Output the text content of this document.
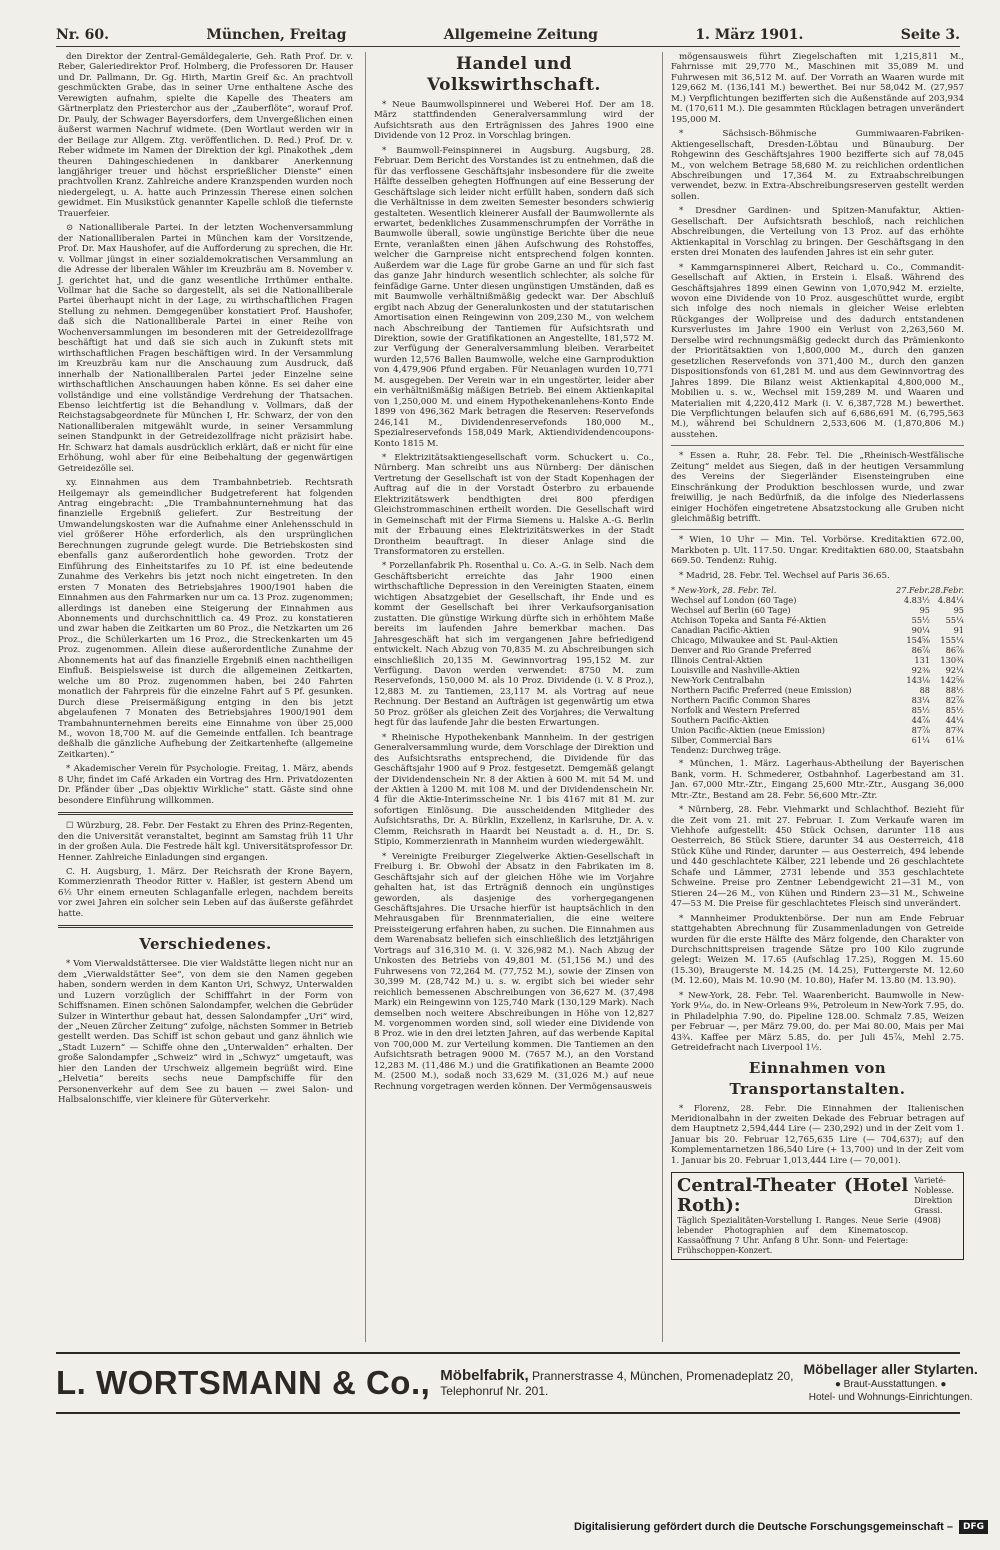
Nr. 60.	München, Freitag	Allgemeine Zeitung	1. März 1901.	Seite 3.

den Direktor der Zentral-Gemäldegalerie, Geh. Rath Prof. Dr. v. Reber, Galeriedirektor Prof. Holmberg, die Professoren Dr. Hauser und Dr. Pallmann, Dr. Gg. Hirth, Martin Greif &c. An prachtvoll geschmückten Grabe, das in seiner Urne enthaltene Asche des Verewigten aufnahm, spielte die Kapelle des Theaters am Gärtnerplatz den Priesterchor aus der „Zauberflöte“, worauf Prof. Dr. Pauly, der Schwager Bayersdorfers, dem Unvergeßlichen einen äußerst warmen Nachruf widmete. (Den Wortlaut werden wir in der Beilage zur Allgem. Ztg. veröffentlichen. D. Red.) Prof. Dr. v. Reber widmete im Namen der Direktion der kgl. Pinakothek „dem theuren Dahingeschiedenen in dankbarer Anerkennung langjähriger treuer und höchst ersprießlicher Dienste“ einen prachtvollen Kranz. Zahlreiche andere Kranzspenden wurden noch niedergelegt, u. A. hatte auch Prinzessin Therese einen solchen gewidmet. Ein Musikstück genannter Kapelle schloß die tiefernste Trauerfeier.

⊙ Nationalliberale Partei. In der letzten Wochenversammlung der Nationalliberalen Partei in München kam der Vorsitzende, Prof. Dr. Max Haushofer, auf die Aufforderung zu sprechen, die Hr. v. Vollmar jüngst in einer sozialdemokratischen Versammlung an die Adresse der liberalen Wähler im Kreuzbräu am 8. November v. J. gerichtet hat, und die ganz wesentliche Irrthümer enthalte. Vollmar hat die Sache so dargestellt, als sei die Nationalliberale Partei überhaupt nicht in der Lage, zu wirthschaftlichen Fragen Stellung zu nehmen. Demgegenüber konstatiert Prof. Haushofer, daß sich die Nationalliberale Partei in einer Reihe von Wochenversammlungen im besonderen mit der Getreidezollfrage beschäftigt hat und daß sie sich auch in Zukunft stets mit wirthschaftlichen Fragen beschäftigen wird. In der Versammlung im Kreuzbräu kam nur die Anschauung zum Ausdruck, daß innerhalb der Nationalliberalen Partei jeder Einzelne seine wirthschaftlichen Anschauungen haben könne. Es sei daher eine vollständige und eine vollständige Verdrehung der Thatsachen. Ebenso leichtfertig ist die Behandlung v. Vollmars, daß der Reichstagsabgeordnete für München I, Hr. Schwarz, der von den Nationalliberalen mitgewählt wurde, in seiner Versammlung seinen Standpunkt in der Getreidezollfrage nicht präzisirt habe. Hr. Schwarz hat damals ausdrücklich erklärt, daß er nicht für eine Erhöhung, wohl aber für eine Beibehaltung der gegenwärtigen Getreidezölle sei.

xy. Einnahmen aus dem Trambahnbetrieb. Rechtsrath Heilgemayr als gemeindlicher Budgetreferent hat folgenden Antrag eingebracht: „Die Trambahnunternehmung hat das finanzielle Ergebniß geliefert. Zur Bestreitung der Umwandelungskosten war die Aufnahme einer Anlehensschuld in viel größerer Höhe erforderlich, als den ursprünglichen Berechnungen zugrunde gelegt wurde. Die Betriebskosten sind ebenfalls ganz außerordentlich hohe geworden. Trotz der Einführung des Einheitstarifes zu 10 Pf. ist eine bedeutende Zunahme des Verkehrs bis jetzt noch nicht eingetreten. In den ersten 7 Monaten des Betriebsjahres 1900/1901 haben die Einnahmen aus den Fahrmarken nur um ca. 13 Proz. zugenommen; allerdings ist daneben eine Steigerung der Einnahmen aus Abonnements und durchschnittlich ca. 49 Proz. zu konstatieren und zwar haben die Zeitkarten um 80 Proz., die Netzkarten um 26 Proz., die Schülerkarten um 16 Proz., die Streckenkarten um 45 Proz. zugenommen. Allein diese außerordentliche Zunahme der Abonnements hat auf das finanzielle Ergebniß einen nachtheiligen Einfluß. Beispielsweise ist durch die allgemeinen Zeitkarten, welche um 80 Proz. zugenommen haben, bei 240 Fahrten monatlich der Fahrpreis für die einzelne Fahrt auf 5 Pf. gesunken. Durch diese Preisermäßigung entging in den bis jetzt abgelaufenen 7 Monaten des Betriebsjahres 1900/1901 dem Trambahnunternehmen bereits eine Einnahme von über 25,000 M., wovon 18,700 M. auf die Gemeinde entfallen. Ich beantrage deßhalb die gänzliche Aufhebung der Zeitkartenhefte (allgemeine Zeitkarten).“

* Akademischer Verein für Psychologie. Freitag, 1. März, abends 8 Uhr, findet im Café Arkaden ein Vortrag des Hrn. Privatdozenten Dr. Pfänder über „Das objektiv Wirkliche“ statt. Gäste sind ohne besondere Einführung willkommen.

☐ Würzburg, 28. Febr. Der Festakt zu Ehren des Prinz-Regenten, den die Universität veranstaltet, beginnt am Samstag früh 11 Uhr in der großen Aula. Die Festrede hält kgl. Universitätsprofessor Dr. Henner. Zahlreiche Einladungen sind ergangen.

C. H. Augsburg, 1. März. Der Reichsrath der Krone Bayern, Kommerzienrath Theodor Ritter v. Haßler, ist gestern Abend um 6½ Uhr einem erneuten Schlaganfalle erlegen, nachdem bereits vor zwei Jahren ein solcher sein Leben auf das äußerste gefährdet hatte.

Verschiedenes.

* Vom Vierwaldstättersee. Die vier Waldstätte liegen nicht nur an dem „Vierwaldstätter See“, von dem sie den Namen gegeben haben, sondern werden in dem Kanton Uri, Schwyz, Unterwalden und Luzern vorzüglich der Schifffahrt in der Form von Schiffsnamen. Einen schönen Salondampfer, welchen die Gebrüder Sulzer in Winterthur gebaut hat, dessen Salondampfer „Uri“ wird, der „Neuen Zürcher Zeitung“ zufolge, nächsten Sommer in Betrieb gestellt werden. Das Schiff ist schon gebaut und ganz ähnlich wie „Stadt Luzern“ — Schiffe ohne den „Unterwalden“ erhalten. Der große Salondampfer „Schweiz“ wird in „Schwyz“ umgetauft, was hier den Landen der Urschweiz allgemein begrüßt wird. Eine „Helvetia“ bereits sechs neue Dampfschiffe für den Personenverkehr auf dem See zu bauen — zwei Salon- und Halbsalonschiffe, vier kleinere für Güterverkehr.

Handel und Volkswirthschaft.

* Neue Baumwollspinnerei und Weberei Hof. Der am 18. März stattfindenden Generalversammlung wird der Aufsichtsrath aus den Erträgnissen des Jahres 1900 eine Dividende von 12 Proz. in Vorschlag bringen.

* Baumwoll-Feinspinnerei in Augsburg. Augsburg, 28. Februar. Dem Bericht des Vorstandes ist zu entnehmen, daß die für das verflossene Geschäftsjahr insbesondere für die zweite Hälfte desselben gehegten Hoffnungen auf eine Besserung der Geschäftslage sich leider nicht erfüllt haben, sondern daß sich die Verhältnisse in dem zweiten Semester besonders schwierig gestalteten. Wesentlich kleinerer Ausfall der Baumwollernte als erwartet, bedenkliches Zusammenschrumpfen der Vorräthe in Baumwolle überall, sowie ungünstige Berichte über die neue Ernte, veranlaßten einen jähen Aufschwung des Rohstoffes, welcher die Garnpreise nicht entsprechend folgen konnten. Außerdem war die Lage für grobe Garne an und für sich fast das ganze Jahr hindurch wesentlich schlechter, als solche für feinfädige Garne. Unter diesen ungünstigen Umständen, daß es mit Baumwolle verhältnißmäßig gedeckt war. Der Abschluß ergibt nach Abzug der Generalunkosten und der statutarischen Amortisation einen Reingewinn von 209,230 M., von welchem nach Abschreibung der Tantiemen für Aufsichtsrath und Direktion, sowie der Gratifikationen an Angestellte, 181,572 M. zur Verfügung der Generalversammlung bleiben. Verarbeitet wurden 12,576 Ballen Baumwolle, welche eine Garnproduktion von 4,479,906 Pfund ergaben. Für Neuanlagen wurden 10,771 M. ausgegeben. Der Verein war in ein ungestörter, leider aber ein verhältnißmäßig mäßigen Betrieb. Bei einem Aktienkapital von 1,250,000 M. und einem Hypothekenanlehens-Konto Ende 1899 von 496,362 Mark betragen die Reserven: Reservefonds 246,141 M., Dividendenreservefonds 180,000 M., Spezialreservefonds 158,049 Mark, Aktiendividendencoupons-Konto 1815 M.

* Elektrizitätsaktiengesellschaft vorm. Schuckert u. Co., Nürnberg. Man schreibt uns aus Nürnberg: Der dänischen Vertretung der Gesellschaft ist von der Stadt Kopenhagen der Auftrag auf die in der Vorstadt Österbro zu erbauende Elektrizitätswerk bendthigten drei 800 pferdigen Gleichstrommaschinen ertheilt worden. Die Gesellschaft wird in Gemeinschaft mit der Firma Siemens u. Halske A.-G. Berlin mit der Erbauung eines Elektrizitätswerkes in der Stadt Drontheim beauftragt. In dieser Anlage sind die Transformatoren zu erstellen.

* Porzellanfabrik Ph. Rosenthal u. Co. A.-G. in Selb. Nach dem Geschäftsbericht erreichte das Jahr 1900 einen wirthschaftliche Depression in den Vereinigten Staaten, einem wichtigen Absatzgebiet der Gesellschaft, ihr Ende und es kommt der Gesellschaft bei ihrer Verkaufsorganisation zustatten. Die günstige Wirkung dürfte sich in erhöhtem Maße bereits im laufenden Jahre bemerkbar machen. Das Jahresgeschäft hat sich im vergangenen Jahre befriedigend entwickelt. Nach Abzug von 70,835 M. zu Abschreibungen sich einschließlich 20,135 M. Gewinnvortrag 195,152 M. zur Verfügung. Davon werden verwendet: 8750 M. zum Reservefonds, 150,000 M. als 10 Proz. Dividende (i. V. 8 Proz.), 12,883 M. zu Tantiemen, 23,117 M. als Vortrag auf neue Rechnung. Der Bestand an Aufträgen ist gegenwärtig um etwa 50 Proz. größer als gleichen Zeit des Vorjahres; die Verwaltung hegt für das laufende Jahr die besten Erwartungen.

* Rheinische Hypothekenbank Mannheim. In der gestrigen Generalversammlung wurde, dem Vorschlage der Direktion und des Aufsichtsraths entsprechend, die Dividende für das Geschäftsjahr 1900 auf 9 Proz. festgesetzt. Demgemäß gelangt der Dividendenschein Nr. 8 der Aktien à 600 M. mit 54 M. und der Aktien à 1200 M. mit 108 M. und der Dividendenschein Nr. 4 für die Aktie-Interimsscheine Nr. 1 bis 4167 mit 81 M. zur sofortigen Einlösung. Die ausscheidenden Mitglieder des Aufsichtsraths, Dr. A. Bürklin, Exzellenz, in Karlsruhe, Dr. A. v. Clemm, Reichsrath in Haardt bei Neustadt a. d. H., Dr. S. Stipio, Kommerzienrath in Mannheim wurden wiedergewählt.

* Vereinigte Freiburger Ziegelwerke Aktien-Gesellschaft in Freiburg i. Br. Obwohl der Absatz in den Fabrikaten im 8. Geschäftsjahr sich auf der gleichen Höhe wie im Vorjahre gehalten hat, ist das Erträgniß dennoch ein ungünstiges geworden, als dasjenige des vorhergegangenen Geschäftsjahres. Die Ursache hierfür ist hauptsächlich in den Mehrausgaben für Brennmaterialien, die eine weitere Preissteigerung erfahren haben, zu suchen. Die Einnahmen aus dem Warenabsatz beliefen sich einschließlich des letztjährigen Vortrags auf 316,310 M. (i. V. 326,982 M.). Nach Abzug der Unkosten des Betriebs von 49,801 M. (51,156 M.) und des Fuhrwesens von 72,264 M. (77,752 M.), sowie der Zinsen von 30,399 M. (28,742 M.) u. s. w. ergibt sich bei wieder sehr reichlich bemessenen Abschreibungen von 36,627 M. (37,498 Mark) ein Reingewinn von 125,740 Mark (130,129 Mark). Nach demselben noch weitere Abschreibungen in Höhe von 12,827 M. vorgenommen worden sind, soll wieder eine Dividende von 8 Proz. wie in den drei letzten Jahren, auf das werbende Kapital von 700,000 M. zur Verteilung kommen. Die Tantiemen an den Aufsichtsrath betragen 9000 M. (7657 M.), an den Vorstand 12,283 M. (11,486 M.) und die Gratifikationen an Beamte 2000 M. (2500 M.), sodaß noch 33,629 M. (31,026 M.) auf neue Rechnung vorgetragen werden können. Der Vermögensausweis

mögensausweis führt Ziegelschaften mit 1,215,811 M., Fahrnisse mit 29,770 M., Maschinen mit 35,089 M. und Fuhrwesen mit 36,512 M. auf. Der Vorrath an Waaren wurde mit 129,662 M. (136,141 M.) bewerthet. Bei nur 58,042 M. (27,957 M.) Verpflichtungen bezifferten sich die Außenstände auf 203,934 M. (170,611 M.). Die gesammten Rücklagen betragen unverändert 195,000 M.

* Sächsisch-Böhmische Gummiwaaren-Fabriken-Aktiengesellschaft, Dresden-Löbtau und Bünauburg. Der Rohgewinn des Geschäftsjahres 1900 bezifferte sich auf 78,045 M., von welchem Betrage 58,680 M. zu reichlichen ordentlichen Abschreibungen und 17,364 M. zu Extraabschreibungen verwendet, bezw. in Extra-Abschreibungsreserven gestellt werden sollen.

* Dresdner Gardinen- und Spitzen-Manufaktur, Aktien-Gesellschaft. Der Aufsichtsrath beschloß, nach reichlichen Abschreibungen, die Verteilung von 13 Proz. auf das erhöhte Aktienkapital in Vorschlag zu bringen. Der Geschäftsgang in den ersten drei Monaten des laufenden Jahres ist ein sehr guter.

* Kammgarnspinnerei Albert, Reichard u. Co., Commandit-Gesellschaft auf Aktien, in Erstein i. Elsaß. Während des Geschäftsjahres 1899 einen Gewinn von 1,070,942 M. erzielte, wovon eine Dividende von 10 Proz. ausgeschüttet wurde, ergibt sich infolge des noch niemals in gleicher Weise erlebten Rückganges der Wollpreise und des dadurch entstandenen Kursverlustes im Jahre 1900 ein Verlust von 2,263,560 M. Derselbe wird rechnungsmäßig gedeckt durch das Prämienkonto der Prioritätsaktien von 1,800,000 M., durch den ganzen gesetzlichen Reservefonds von 371,400 M., durch den ganzen Dispositionsfonds von 61,281 M. und aus dem Gewinnvortrag des Jahres 1899. Die Bilanz weist Aktienkapital 4,800,000 M., Mobilien u. s. w., Wechsel mit 159,289 M. und Waaren und Materialien mit 4,220,412 Mark (i. V. 6,387,728 M.) bewerthet. Die Verpflichtungen belaufen sich auf 6,686,691 M. (6,795,563 M.), während bei Schuldnern 2,533,606 M. (1,870,806 M.) ausstehen.

* Essen a. Ruhr, 28. Febr. Tel. Die „Rheinisch-Westfälische Zeitung“ meldet aus Siegen, daß in der heutigen Versammlung des Vereins der Siegerländer Eisensteingruben eine Einschränkung der Produktion beschlossen wurde, und zwar freiwillig, je nach Bedürfniß, da die infolge des Niederlassens einiger Hochöfen eingetretene Absatzstockung alle Gruben nicht gleichmäßig betrifft.

* Wien, 10 Uhr — Min. Tel. Vorbörse. Kreditaktien 672.00, Markboten p. Ult. 117.50. Ungar. Kreditaktien 680.00, Staatsbahn 669.50. Tendenz: Ruhig.

* Madrid, 28. Febr. Tel. Wechsel auf Paris 36.65.

* New-York, 28. Febr. Tel.	27.Febr.	28.Febr.
Wechsel auf London (60 Tage)	4.83½	4.84¼
Wechsel auf Berlin (60 Tage)	95	95
Atchison Topeka and Santa Fé-Aktien	55½	55¼
Canadian Pacific-Aktien	90¼	91
Chicago, Milwaukee and St. Paul-Aktien	154⅝	155¼
Denver and Rio Grande Preferred	86⅞	86⅞
Illinois Central-Aktien	131	130¾
Louisville and Nashville-Aktien	92⅜	92¼
New-York Centralbahn	143⅛	142⅝
Northern Pacific Preferred (neue Emission)	88	88½
Northern Pacific Common Shares	83¼	82⅞
Norfolk and Western Preferred	85½	85½
Southern Pacific-Aktien	44⅞	44¼
Union Pacific-Aktien (neue Emission)	87⅞	87¾
Silber, Commercial Bars	61¼	61⅛
Tendenz: Durchweg träge.		

* München, 1. März. Lagerhaus-Abtheilung der Bayerischen Bank, vorm. H. Schmederer, Ostbahnhof. Lagerbestand am 31. Jan. 67,000 Mtr.-Ztr., Eingang 25,600 Mtr.-Ztr., Ausgang 36,000 Mtr.-Ztr., Bestand am 28. Febr. 56,600 Mtr.-Ztr.

* Nürnberg, 28. Febr. Viehmarkt und Schlachthof. Bezieht für die Zeit vom 21. mit 27. Februar. I. Zum Verkaufe waren im Viehhofe aufgestellt: 450 Stück Ochsen, darunter 118 aus Oesterreich, 86 Stück Stiere, darunter 34 aus Oesterreich, 418 Stück Kühe und Rinder, darunter — aus Oesterreich, 494 lebende und 440 geschlachtete Kälber, 221 lebende und 26 geschlachtete Schafe und Lämmer, 2731 lebende und 353 geschlachtete Schweine. Preise pro Zentner Lebendgewicht 21—31 M., von Stieren 24—26 M., von Kühen und Rindern 23—31 M., Schweine 47—53 M. Die Preise für geschlachtetes Fleisch sind unverändert.

* Mannheimer Produktenbörse. Der nun am Ende Februar stattgehabten Abrechnung für Zusammenladungen von Getreide wurden für die erste Hälfte des März folgende, den Charakter von Durchschnittspreisen tragende Sätze pro 100 Kilo zugrunde gelegt: Weizen M. 17.65 (Aufschlag 17.25), Roggen M. 15.60 (15.30), Braugerste M. 14.25 (M. 14.25), Futtergerste M. 12.60 (M. 12.60), Mais M. 10.90 (M. 10.80), Hafer M. 13.80 (M. 13.90).

* New-York, 28. Febr. Tel. Waarenbericht. Baumwolle in New-York 9¹⁄₁₆, do. in New-Orleans 9⅜, Petroleum in New-York 7.95, do. in Philadelphia 7.90, do. Pipeline 128.00. Schmalz 7.85, Weizen per Februar —, per März 79.00, do. per Mai 80.00, Mais per Mai 43¾. Kaffee per März 5.85, do. per Juli 45⅞, Mehl 2.75. Getreidefracht nach Liverpool 1½.

Einnahmen von Transportanstalten.

* Florenz, 28. Febr. Die Einnahmen der Italienischen Meridionalbahn in der zweiten Dekade des Februar betragen auf dem Hauptnetz 2,594,444 Lire (— 230,292) und in der Zeit vom 1. Januar bis 20. Februar 12,765,635 Lire (— 704,637); auf den Komplementarnetzen 186,540 Lire (+ 13,700) und in der Zeit vom 1. Januar bis 20. Februar 1,013,444 Lire (— 70,001).

Central-Theater (Hotel Roth):
Täglich Spezialitäten-Vorstellung I. Ranges. Neue Serie lebender Photographien auf dem Kinematoscop. Kassaöffnung 7 Uhr. Anfang 8 Uhr. Sonn- und Feiertage: Frühschoppen-Konzert.
Varieté-Noblesse. Direktion Grassi.
(4908)
L. WORTSMANN & Co., Möbelfabrik, Prannerstrasse 4, München, Promenadeplatz 20,
Telephonruf Nr. 201.
Möbellager aller Stylarten.
● Braut-Ausstattungen. ●
Hotel- und Wohnungs-Einrichtungen.
Digitalisierung gefördert durch die Deutsche Forschungsgemeinschaft –	DFG
